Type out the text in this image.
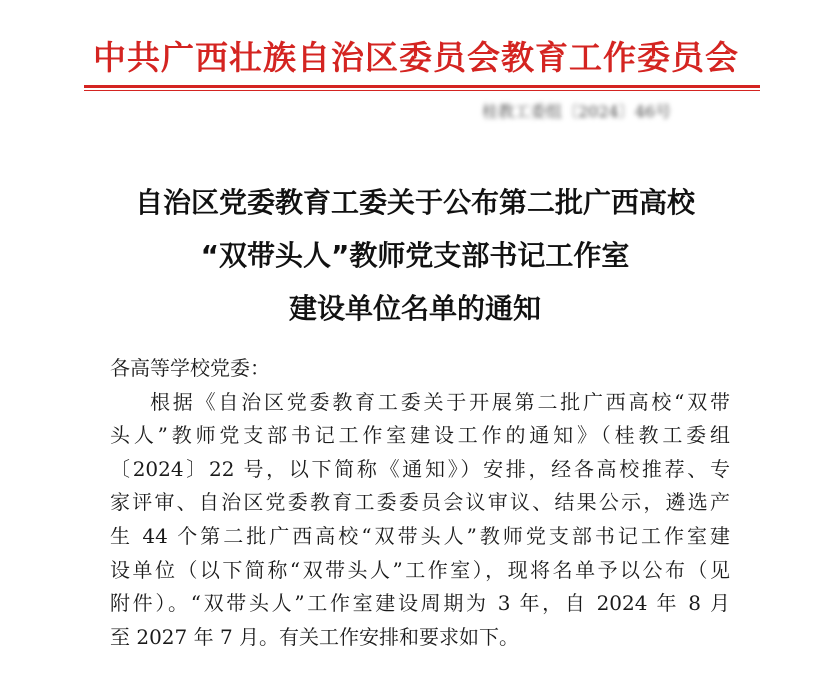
中共广西壮族自治区委员会教育工作委员会
桂教工委组〔2024〕46号
自治区党委教育工委关于公布第二批广西高校
“双带头人”教师党支部书记工作室
建设单位名单的通知
各高等学校党委：
根据《自治区党委教育工委关于开展第二批广西高校“双带
头人”教师党支部书记工作室建设工作的通知》（桂教工委组
〔2024〕22 号，以下简称《通知》）安排，经各高校推荐、专
家评审、自治区党委教育工委委员会议审议、结果公示，遴选产
生 44 个第二批广西高校“双带头人”教师党支部书记工作室建
设单位（以下简称“双带头人”工作室），现将名单予以公布（见
附件）。“双带头人”工作室建设周期为 3 年，自 2024 年 8 月
至 2027 年 7 月。有关工作安排和要求如下。
